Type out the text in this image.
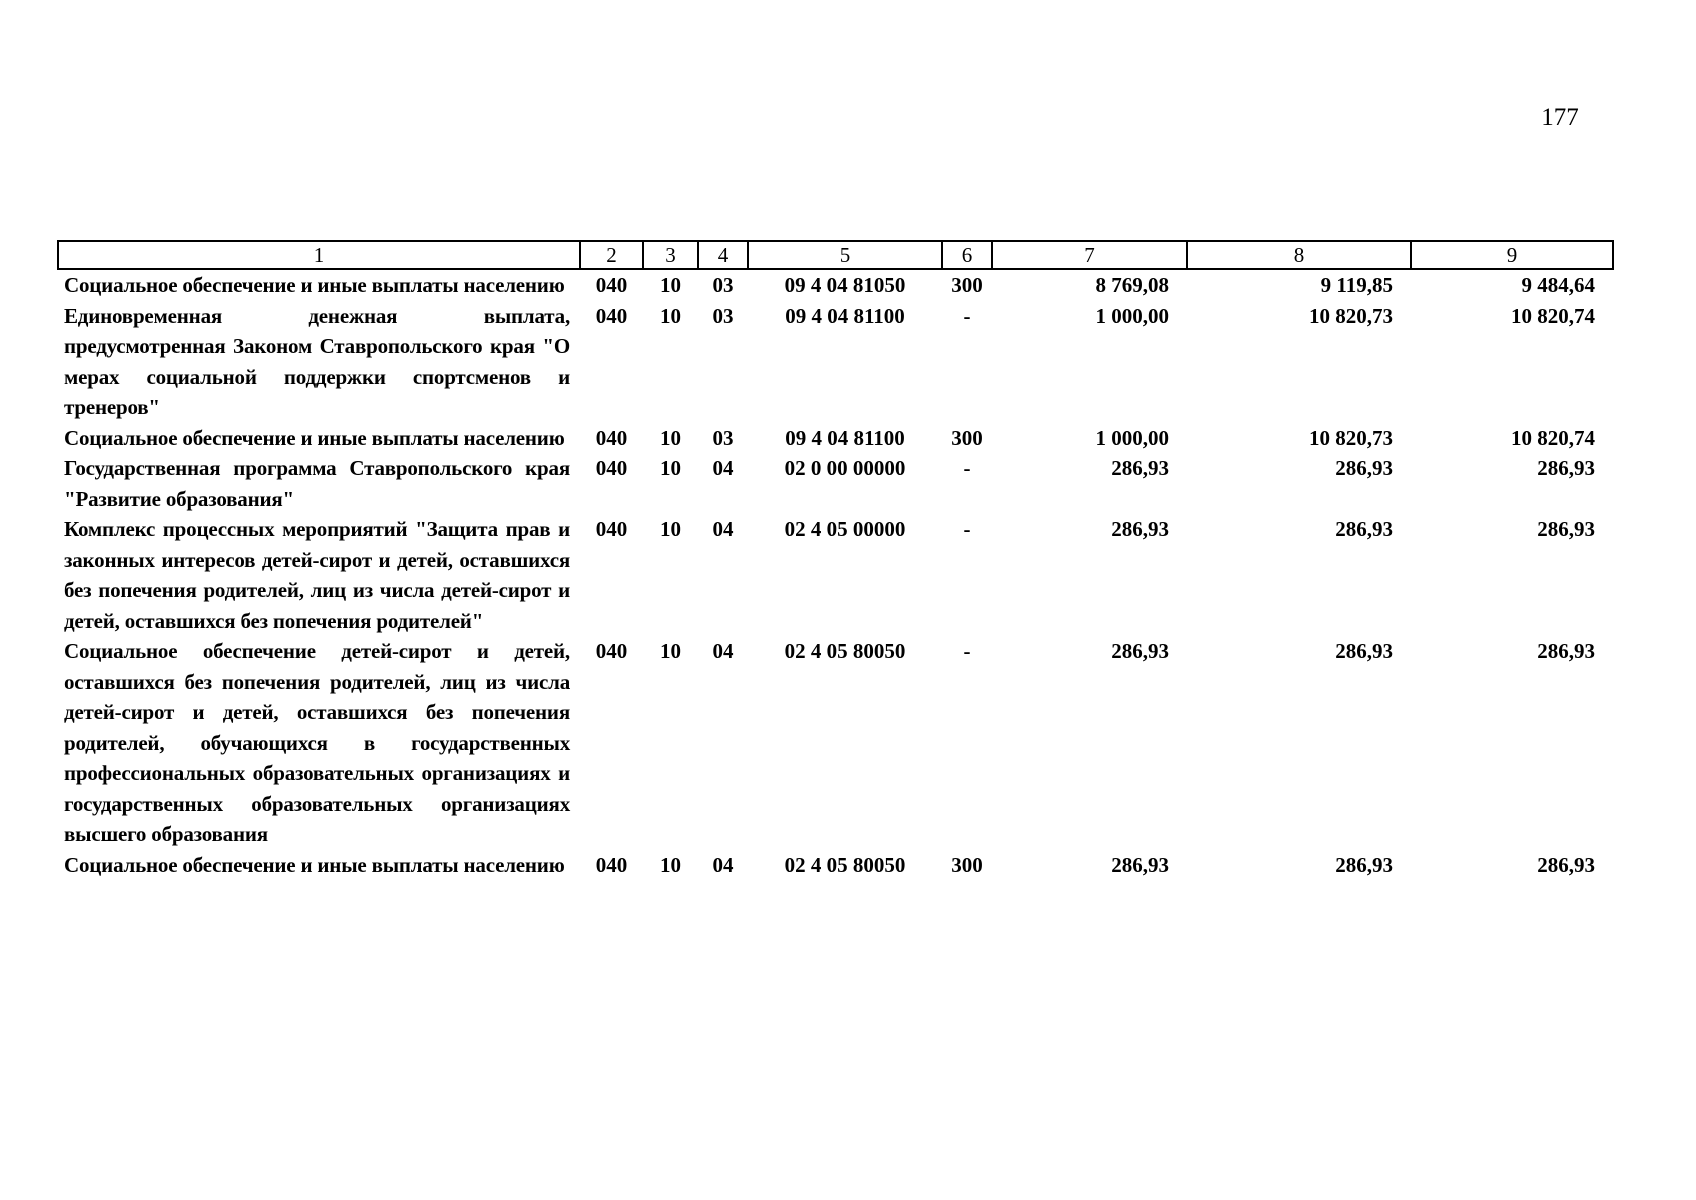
177
1	2	3	4	5	6	7	8	9
Социальное обеспечение и иные выплаты населению	040	10	03	09 4 04 81050	300	8 769,08	9 119,85	9 484,64
Единовременная денежная выплата, предусмотренная Законом Ставропольского края "О мерах социальной поддержки спортсменов и тренеров"	040	10	03	09 4 04 81100	-	1 000,00	10 820,73	10 820,74
Социальное обеспечение и иные выплаты населению	040	10	03	09 4 04 81100	300	1 000,00	10 820,73	10 820,74
Государственная программа Ставропольского края "Развитие образования"	040	10	04	02 0 00 00000	-	286,93	286,93	286,93
Комплекс процессных мероприятий "Защита прав и законных интересов детей-сирот и детей, оставшихся без попечения родителей, лиц из числа детей-сирот и детей, оставшихся без попечения родителей"	040	10	04	02 4 05 00000	-	286,93	286,93	286,93
Социальное обеспечение детей-сирот и детей, оставшихся без попечения родителей, лиц из числа детей-сирот и детей, оставшихся без попечения родителей, обучающихся в государственных профессиональных образовательных организациях и государственных образовательных организациях высшего образования	040	10	04	02 4 05 80050	-	286,93	286,93	286,93
Социальное обеспечение и иные выплаты населению	040	10	04	02 4 05 80050	300	286,93	286,93	286,93
